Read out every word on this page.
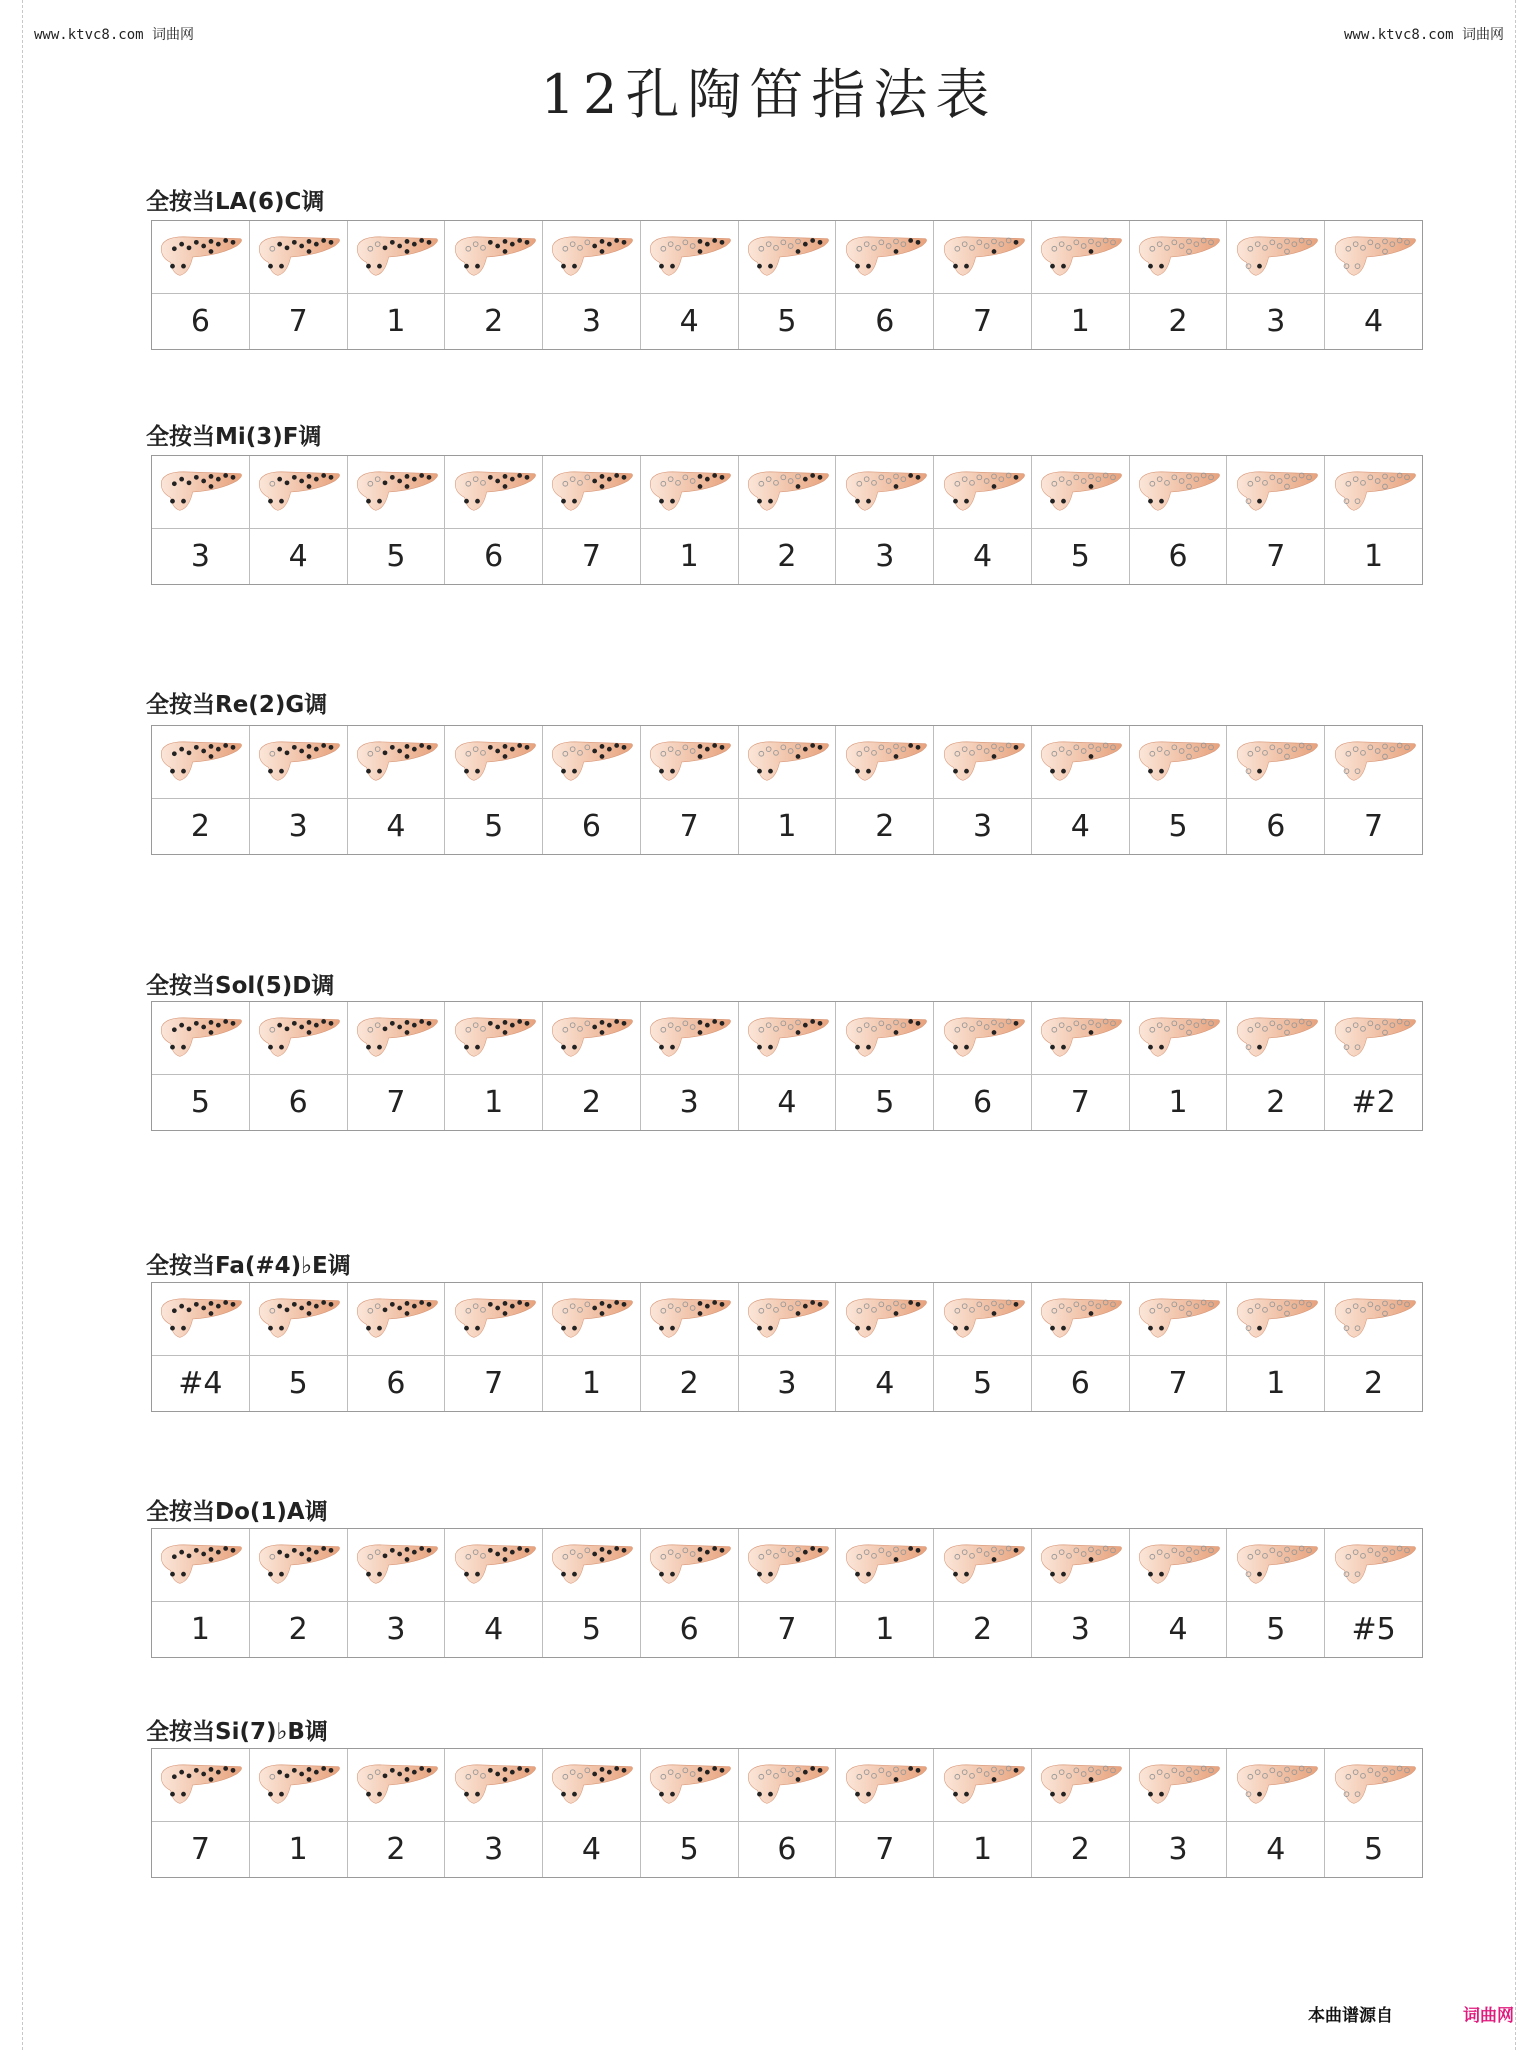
www.ktvc8.com 词曲网	www.ktvc8.com 词曲网
12孔陶笛指法表
全按当LA(6)C调
6	7	1	2	3	4	5	6	7	1	2	3	4
全按当Mi(3)F调
3	4	5	6	7	1	2	3	4	5	6	7	1
全按当Re(2)G调
2	3	4	5	6	7	1	2	3	4	5	6	7
全按当Sol(5)D调
5	6	7	1	2	3	4	5	6	7	1	2	#2
全按当Fa(#4)♭E调
#4	5	6	7	1	2	3	4	5	6	7	1	2
全按当Do(1)A调
1	2	3	4	5	6	7	1	2	3	4	5	#5
全按当Si(7)♭B调
7	1	2	3	4	5	6	7	1	2	3	4	5
本曲谱源自	词曲网
